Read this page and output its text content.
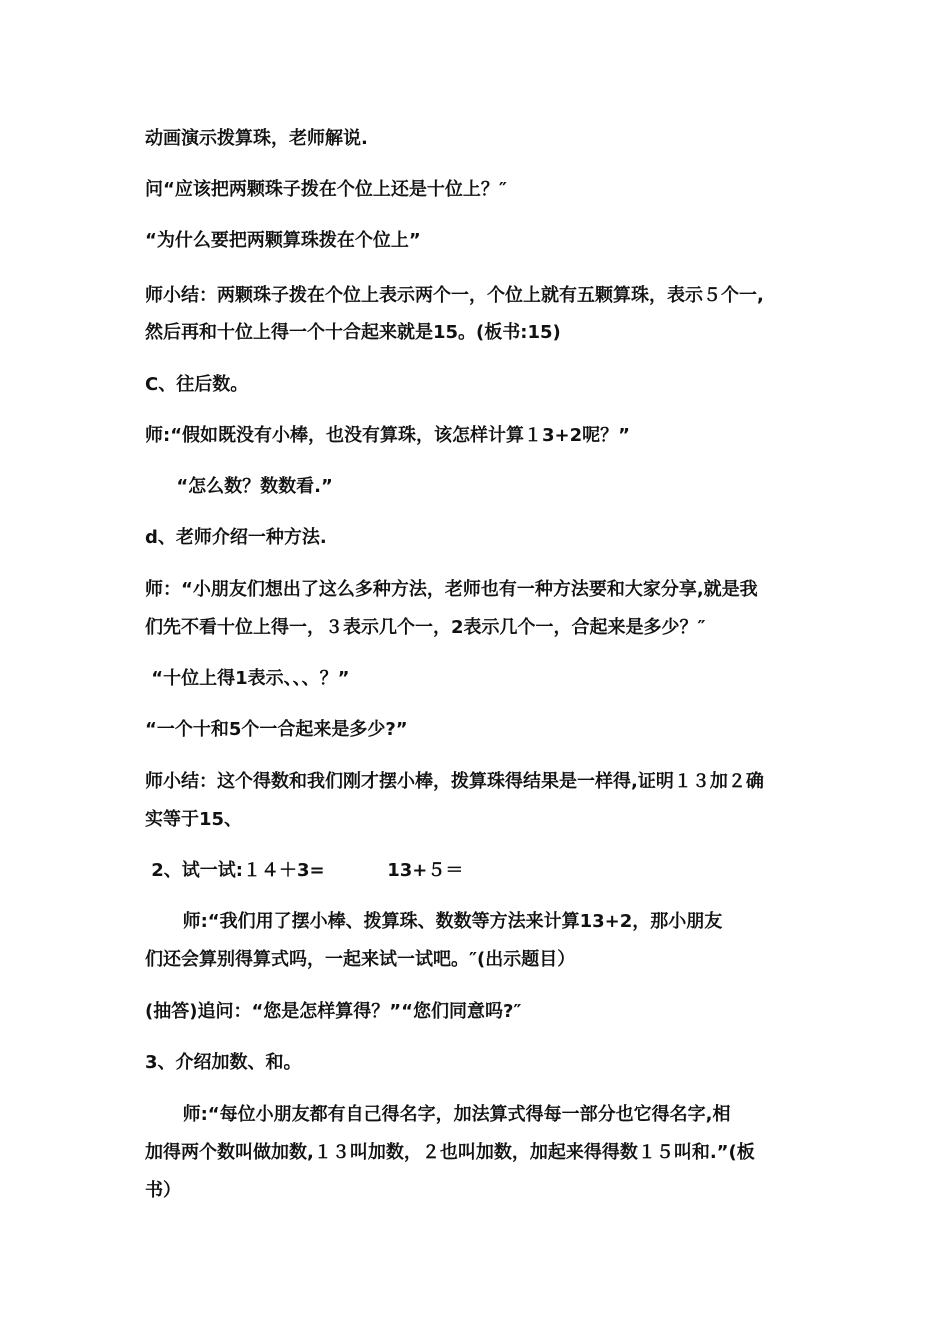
动画演示拨算珠，老师解说.

问“应该把两颗珠子拨在个位上还是十位上？″

“为什么要把两颗算珠拨在个位上”

师小结：两颗珠子拨在个位上表示两个一，个位上就有五颗算珠，表示５个一,

然后再和十位上得一个十合起来就是15。(板书:15)

C、往后数。

师:“假如既没有小棒，也没有算珠，该怎样计算１3+2呢？”

“怎么数？数数看.”

d、老师介绍一种方法.

师：“小朋友们想出了这么多种方法，老师也有一种方法要和大家分享,就是我

们先不看十位上得一，３表示几个一，2表示几个一，合起来是多少？″

“十位上得1表示、、、？”

“一个十和5个一合起来是多少?”

师小结：这个得数和我们刚才摆小棒，拨算珠得结果是一样得,证明１３加２确

实等于15、

2、试一试:１４＋3=          13+５＝

师:“我们用了摆小棒、拨算珠、数数等方法来计算13+2，那小朋友

们还会算别得算式吗，一起来试一试吧。″(出示题目）

(抽答)追问：“您是怎样算得？”“您们同意吗?″

3、介绍加数、和。

师:“每位小朋友都有自己得名字，加法算式得每一部分也它得名字,相

加得两个数叫做加数,１３叫加数，２也叫加数，加起来得得数１５叫和.”(板

书）
